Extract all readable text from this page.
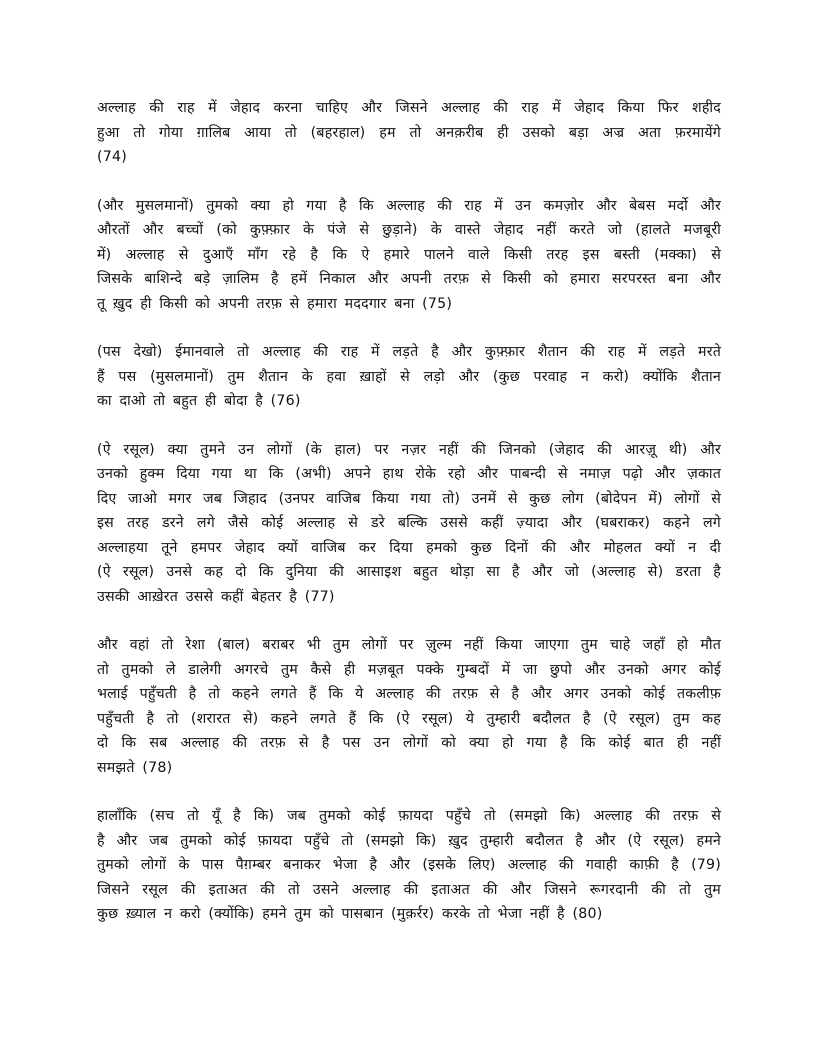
अल्लाह की राह में जेहाद करना चाहिए और जिसने अल्लाह की राह में जेहाद किया फिर शहीद
हुआ तो गोया ग़ालिब आया तो (बहरहाल) हम तो अनक़रीब ही उसको बड़ा अज्र अता फ़रमायेंगे
(74)

(और मुसलमानों) तुमको क्या हो गया है कि अल्लाह की राह में उन कमज़ोर और बेबस मर्दो और
औरतों और बच्चों (को कुफ़्फ़ार के पंजे से छुड़ाने) के वास्ते जेहाद नहीं करते जो (हालते मजबूरी
में) अल्लाह से दुआएँ माँग रहे है कि ऐ हमारे पालने वाले किसी तरह इस बस्ती (मक्का) से
जिसके बाशिन्दे बड़े ज़ालिम है हमें निकाल और अपनी तरफ़ से किसी को हमारा सरपरस्त बना और
तू ख़ुद ही किसी को अपनी तरफ़ से हमारा मददगार बना (75)

(पस देखो) ईमानवाले तो अल्लाह की राह में लड़ते है और कुफ़्फ़ार शैतान की राह में लड़ते मरते
हैं पस (मुसलमानों) तुम शैतान के हवा ख़ाहों से लड़ो और (कुछ परवाह न करो) क्योंकि शैतान
का दाओ तो बहुत ही बोदा है (76)

(ऐ रसूल) क्या तुमने उन लोगों (के हाल) पर नज़र नहीं की जिनको (जेहाद की आरज़ू थी) और
उनको हुक्म दिया गया था कि (अभी) अपने हाथ रोके रहो और पाबन्दी से नमाज़ पढ़ो और ज़कात
दिए जाओ मगर जब जिहाद (उनपर वाजिब किया गया तो) उनमें से कुछ लोग (बोदेपन में) लोगों से
इस तरह डरने लगे जैसे कोई अल्लाह से डरे बल्कि उससे कहीं ज़्यादा और (घबराकर) कहने लगे
अल्लाहया तूने हमपर जेहाद क्यों वाजिब कर दिया हमको कुछ दिनों की और मोहलत क्यों न दी
(ऐ रसूल) उनसे कह दो कि दुनिया की आसाइश बहुत थोड़ा सा है और जो (अल्लाह से) डरता है
उसकी आख़ेरत उससे कहीं बेहतर है (77)

और वहां तो रेशा (बाल) बराबर भी तुम लोगों पर ज़ुल्म नहीं किया जाएगा तुम चाहे जहाँ हो मौत
तो तुमको ले डालेगी अगरचे तुम कैसे ही मज़बूत पक्के गुम्बदों में जा छुपो और उनको अगर कोई
भलाई पहुँचती है तो कहने लगते हैं कि ये अल्लाह की तरफ़ से है और अगर उनको कोई तकलीफ़
पहुँचती है तो (शरारत से) कहने लगते हैं कि (ऐ रसूल) ये तुम्हारी बदौलत है (ऐ रसूल) तुम कह
दो कि सब अल्लाह की तरफ़ से है पस उन लोगों को क्या हो गया है कि कोई बात ही नहीं
समझते (78)

हालाँकि (सच तो यूँ है कि) जब तुमको कोई फ़ायदा पहुँचे तो (समझो कि) अल्लाह की तरफ़ से
है और जब तुमको कोई फ़ायदा पहुँचे तो (समझो कि) ख़ुद तुम्हारी बदौलत है और (ऐ रसूल) हमने
तुमको लोगों के पास पैग़म्बर बनाकर भेजा है और (इसके लिए) अल्लाह की गवाही काफ़ी है (79)
जिसने रसूल की इताअत की तो उसने अल्लाह की इताअत की और जिसने रूगरदानी की तो तुम
कुछ ख़्याल न करो (क्योंकि) हमने तुम को पासबान (मुक़र्रर) करके तो भेजा नहीं है (80)
